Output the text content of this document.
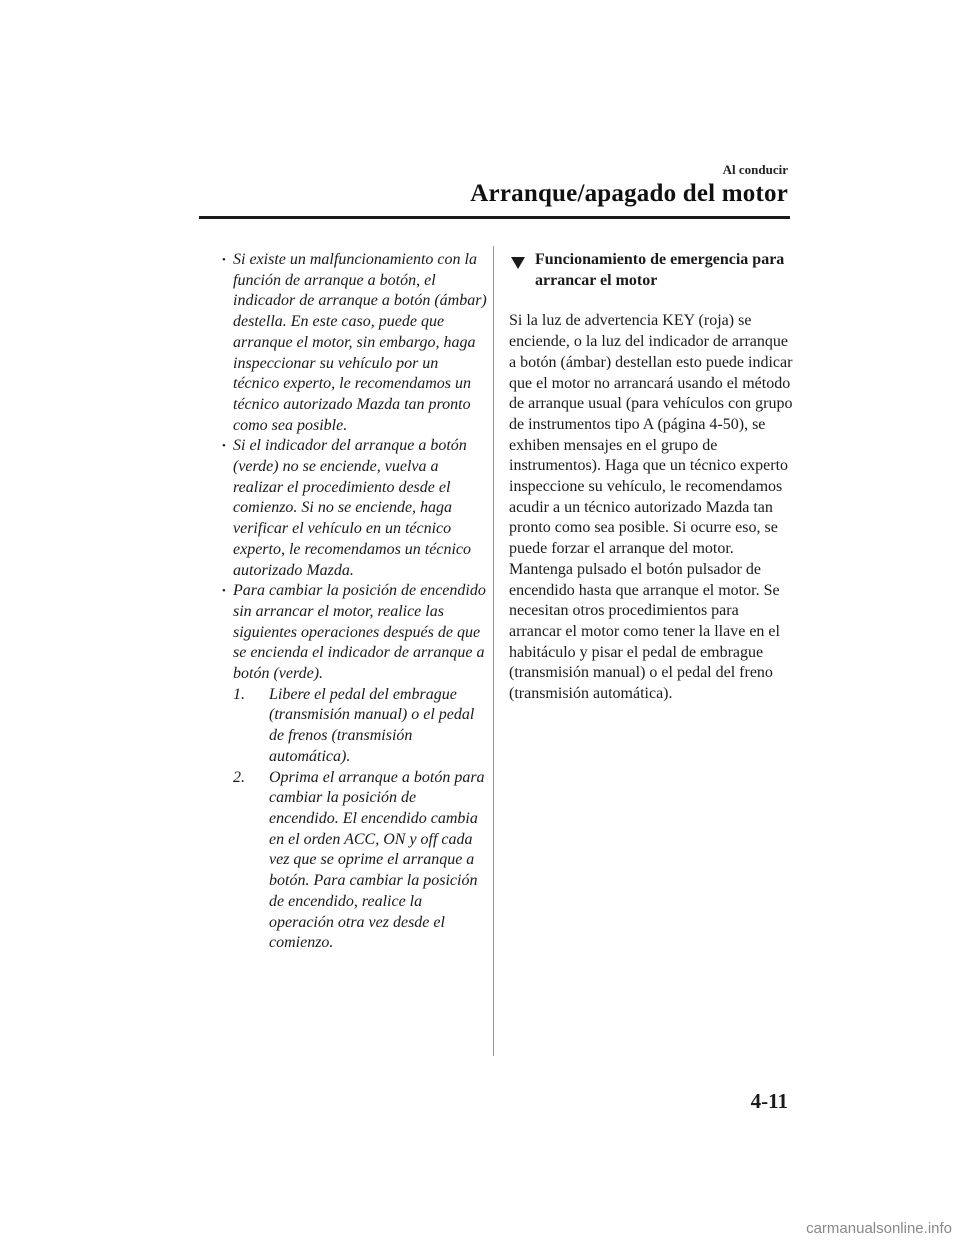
Al conducir
Arranque/apagado del motor
• Si existe un malfuncionamiento con la función de arranque a botón, el indicador de arranque a botón (ámbar) destella. En este caso, puede que arranque el motor, sin embargo, haga inspeccionar su vehículo por un técnico experto, le recomendamos un técnico autorizado Mazda tan pronto como sea posible.
• Si el indicador del arranque a botón (verde) no se enciende, vuelva a realizar el procedimiento desde el comienzo. Si no se enciende, haga verificar el vehículo en un técnico experto, le recomendamos un técnico autorizado Mazda.
• Para cambiar la posición de encendido sin arrancar el motor, realice las siguientes operaciones después de que se encienda el indicador de arranque a botón (verde).
1. Libere el pedal del embrague (transmisión manual) o el pedal de frenos (transmisión automática).
2. Oprima el arranque a botón para cambiar la posición de encendido. El encendido cambia en el orden ACC, ON y off cada vez que se oprime el arranque a botón. Para cambiar la posición de encendido, realice la operación otra vez desde el comienzo.
Funcionamiento de emergencia para arrancar el motor
Si la luz de advertencia KEY (roja) se enciende, o la luz del indicador de arranque a botón (ámbar) destellan esto puede indicar que el motor no arrancará usando el método de arranque usual (para vehículos con grupo de instrumentos tipo A (página 4-50), se exhiben mensajes en el grupo de instrumentos). Haga que un técnico experto inspeccione su vehículo, le recomendamos acudir a un técnico autorizado Mazda tan pronto como sea posible. Si ocurre eso, se puede forzar el arranque del motor. Mantenga pulsado el botón pulsador de encendido hasta que arranque el motor. Se necesitan otros procedimientos para arrancar el motor como tener la llave en el habitáculo y pisar el pedal de embrague (transmisión manual) o el pedal del freno (transmisión automática).
4-11
carmanualsonline.info
